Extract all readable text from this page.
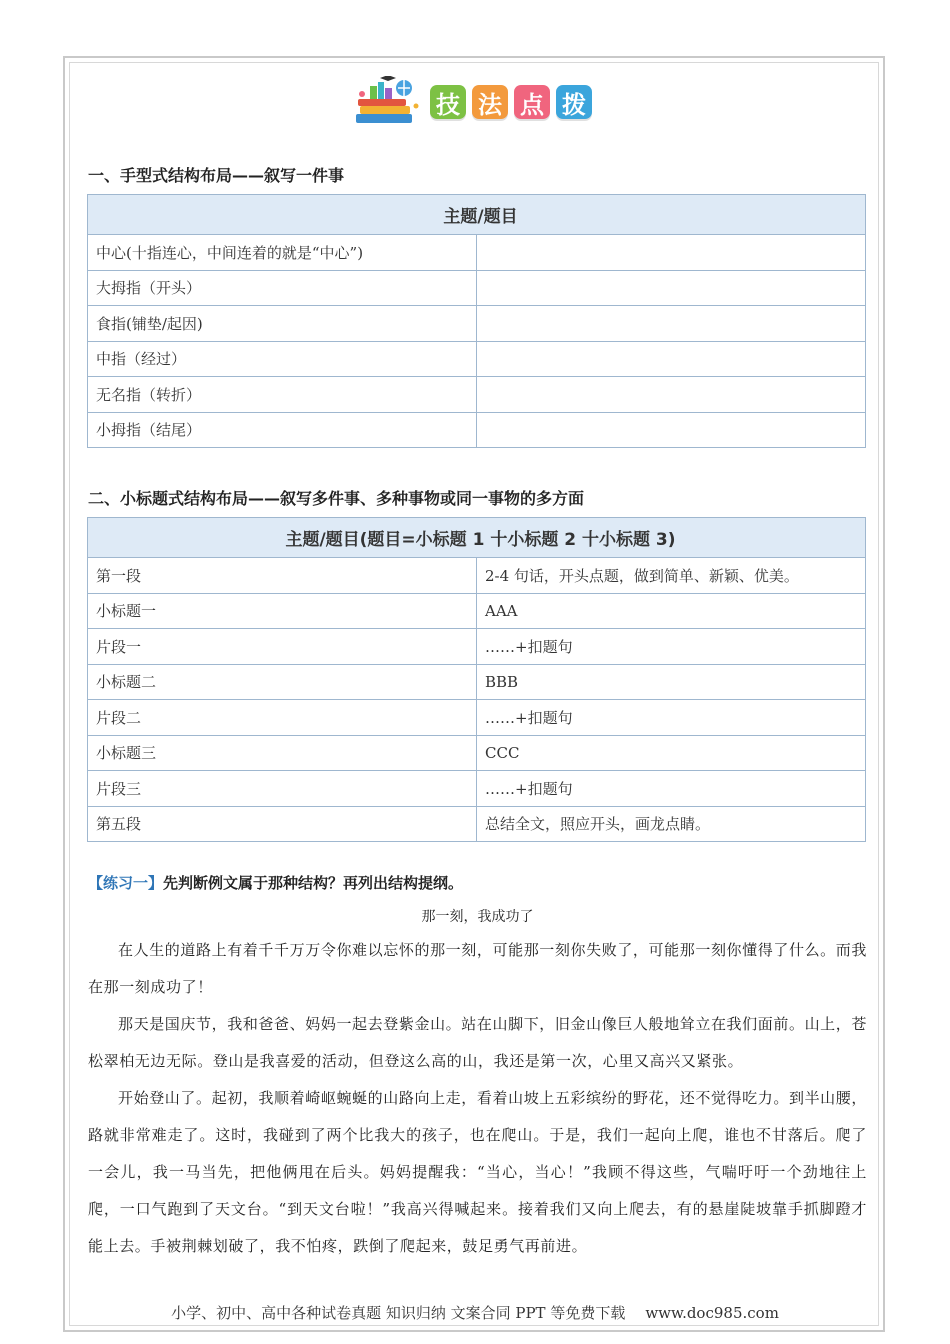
技 法 点 拨
一、手型式结构布局——叙写一件事
主题/题目	
中心(十指连心，中间连着的就是“中心”)	
大拇指（开头）	
食指(铺垫/起因)	
中指（经过）	
无名指（转折）	
小拇指（结尾）	
二、小标题式结构布局——叙写多件事、多种事物或同一事物的多方面
主题/题目(题目=小标题 1 十小标题 2 十小标题 3)	
第一段	2-4 句话，开头点题，做到简单、新颖、优美。
小标题一	AAA
片段一	……+扣题句
小标题二	BBB
片段二	……+扣题句
小标题三	CCC
片段三	……+扣题句
第五段	总结全文，照应开头，画龙点睛。
【练习一】先判断例文属于那种结构？再列出结构提纲。
那一刻，我成功了

在人生的道路上有着千千万万令你难以忘怀的那一刻，可能那一刻你失败了，可能那一刻你懂得了什么。而我在那一刻成功了！

那天是国庆节，我和爸爸、妈妈一起去登紫金山。站在山脚下，旧金山像巨人般地耸立在我们面前。山上，苍松翠柏无边无际。登山是我喜爱的活动，但登这么高的山，我还是第一次，心里又高兴又紧张。

开始登山了。起初，我顺着崎岖蜿蜒的山路向上走，看着山坡上五彩缤纷的野花，还不觉得吃力。到半山腰，路就非常难走了。这时，我碰到了两个比我大的孩子，也在爬山。于是，我们一起向上爬，谁也不甘落后。爬了一会儿，我一马当先，把他俩甩在后头。妈妈提醒我：“当心，当心！”我顾不得这些，气喘吁吁一个劲地往上爬，一口气跑到了天文台。“到天文台啦！”我高兴得喊起来。接着我们又向上爬去，有的悬崖陡坡靠手抓脚蹬才能上去。手被荆棘划破了，我不怕疼，跌倒了爬起来，鼓足勇气再前进。

小学、初中、高中各种试卷真题 知识归纳 文案合同 PPT 等免费下载 www.doc985.com
